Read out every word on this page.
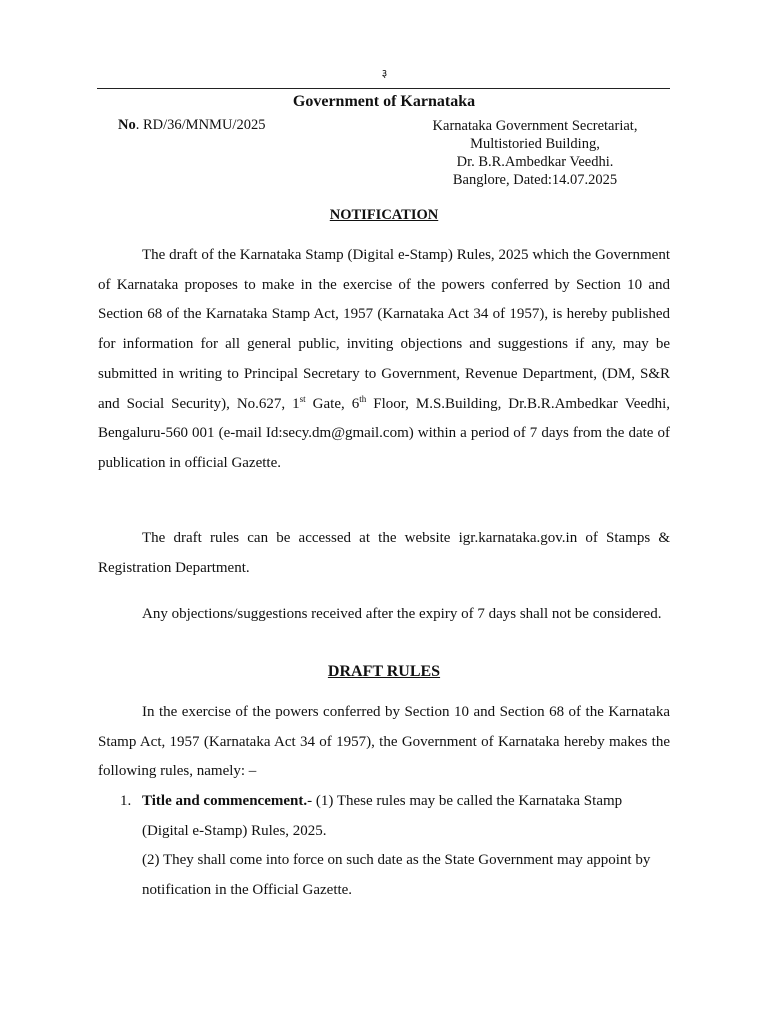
३
Government of Karnataka
No. RD/36/MNMU/2025	Karnataka Government Secretariat,
Multistoried Building,
Dr. B.R.Ambedkar Veedhi.
Banglore, Dated:14.07.2025
NOTIFICATION
The draft of the Karnataka Stamp (Digital e-Stamp) Rules, 2025 which the Government of Karnataka proposes to make in the exercise of the powers conferred by Section 10 and Section 68 of the Karnataka Stamp Act, 1957 (Karnataka Act 34 of 1957), is hereby published for information for all general public, inviting objections and suggestions if any, may be submitted in writing to Principal Secretary to Government, Revenue Department, (DM, S&R and Social Security), No.627, 1st Gate, 6th Floor, M.S.Building, Dr.B.R.Ambedkar Veedhi, Bengaluru-560 001 (e-mail Id:secy.dm@gmail.com) within a period of 7 days from the date of publication in official Gazette.
The draft rules can be accessed at the website igr.karnataka.gov.in of Stamps & Registration Department.
Any objections/suggestions received after the expiry of 7 days shall not be considered.
DRAFT RULES
In the exercise of the powers conferred by Section 10 and Section 68 of the Karnataka Stamp Act, 1957 (Karnataka Act 34 of 1957), the Government of Karnataka hereby makes the following rules, namely: –
1. Title and commencement.- (1) These rules may be called the Karnataka Stamp (Digital e-Stamp) Rules, 2025.
(2) They shall come into force on such date as the State Government may appoint by notification in the Official Gazette.
